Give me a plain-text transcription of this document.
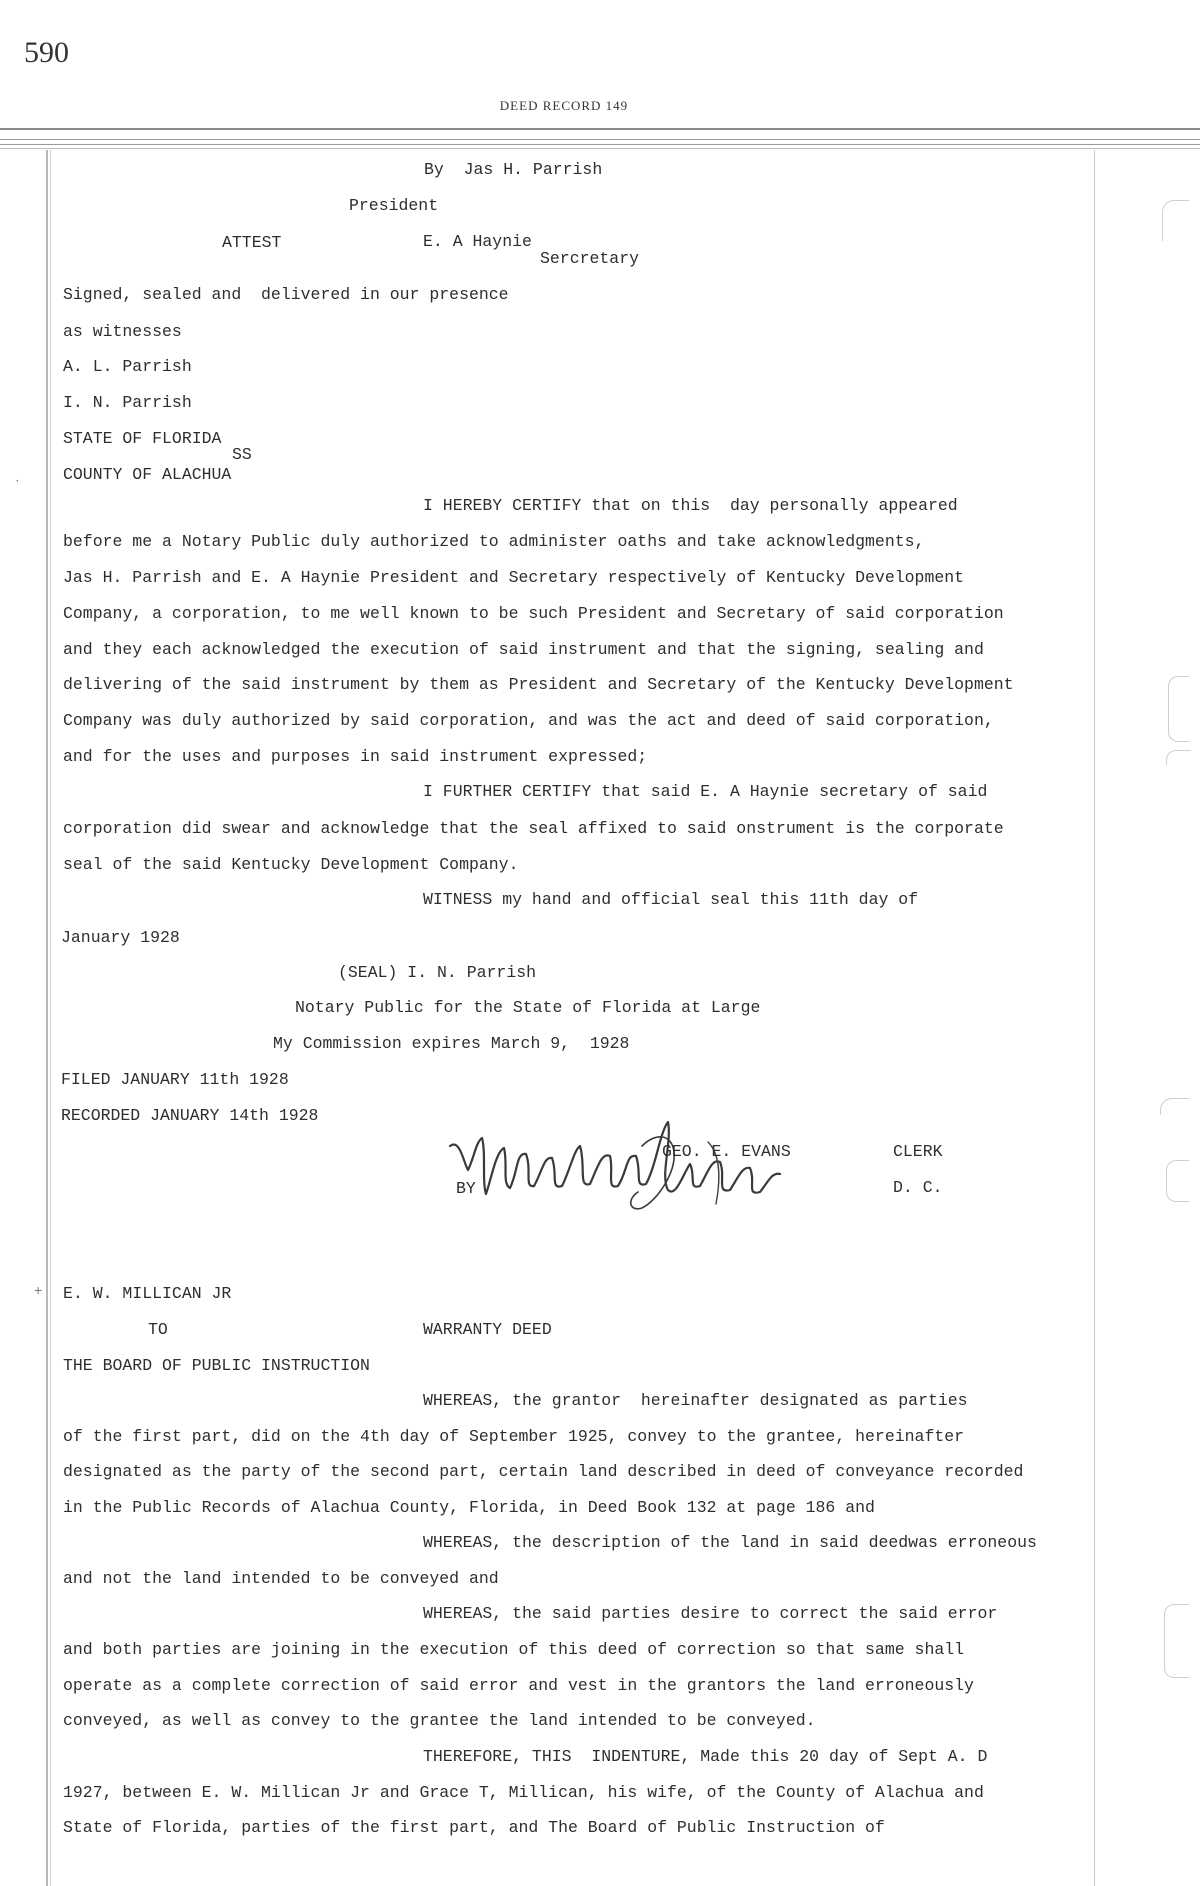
590
DEED RECORD 149
+
·
By  Jas H. Parrish
President
ATTEST	E. A Haynie
Sercretary
Signed, sealed and  delivered in our presence
as witnesses
A. L. Parrish
I. N. Parrish
STATE OF FLORIDA
SS
COUNTY OF ALACHUA
I HEREBY CERTIFY that on this  day personally appeared
before me a Notary Public duly authorized to administer oaths and take acknowledgments,
Jas H. Parrish and E. A Haynie President and Secretary respectively of Kentucky Development
Company, a corporation, to me well known to be such President and Secretary of said corporation
and they each acknowledged the execution of said instrument and that the signing, sealing and
delivering of the said instrument by them as President and Secretary of the Kentucky Development
Company was duly authorized by said corporation, and was the act and deed of said corporation,
and for the uses and purposes in said instrument expressed;
I FURTHER CERTIFY that said E. A Haynie secretary of said
corporation did swear and acknowledge that the seal affixed to said onstrument is the corporate
seal of the said Kentucky Development Company.
WITNESS my hand and official seal this 11th day of
January 1928
(SEAL) I. N. Parrish
Notary Public for the State of Florida at Large
My Commission expires March 9,  1928
FILED JANUARY 11th 1928
RECORDED JANUARY 14th 1928
GEO. E. EVANS	CLERK
BY	D. C.
E. W. MILLICAN JR
TO	WARRANTY DEED
THE BOARD OF PUBLIC INSTRUCTION
WHEREAS, the grantor  hereinafter designated as parties
of the first part, did on the 4th day of September 1925, convey to the grantee, hereinafter
designated as the party of the second part, certain land described in deed of conveyance recorded
in the Public Records of Alachua County, Florida, in Deed Book 132 at page 186 and
WHEREAS, the description of the land in said deedwas erroneous
and not the land intended to be conveyed and
WHEREAS, the said parties desire to correct the said error
and both parties are joining in the execution of this deed of correction so that same shall
operate as a complete correction of said error and vest in the grantors the land erroneously
conveyed, as well as convey to the grantee the land intended to be conveyed.
THEREFORE, THIS  INDENTURE, Made this 20 day of Sept A. D
1927, between E. W. Millican Jr and Grace T, Millican, his wife, of the County of Alachua and
State of Florida, parties of the first part, and The Board of Public Instruction of
